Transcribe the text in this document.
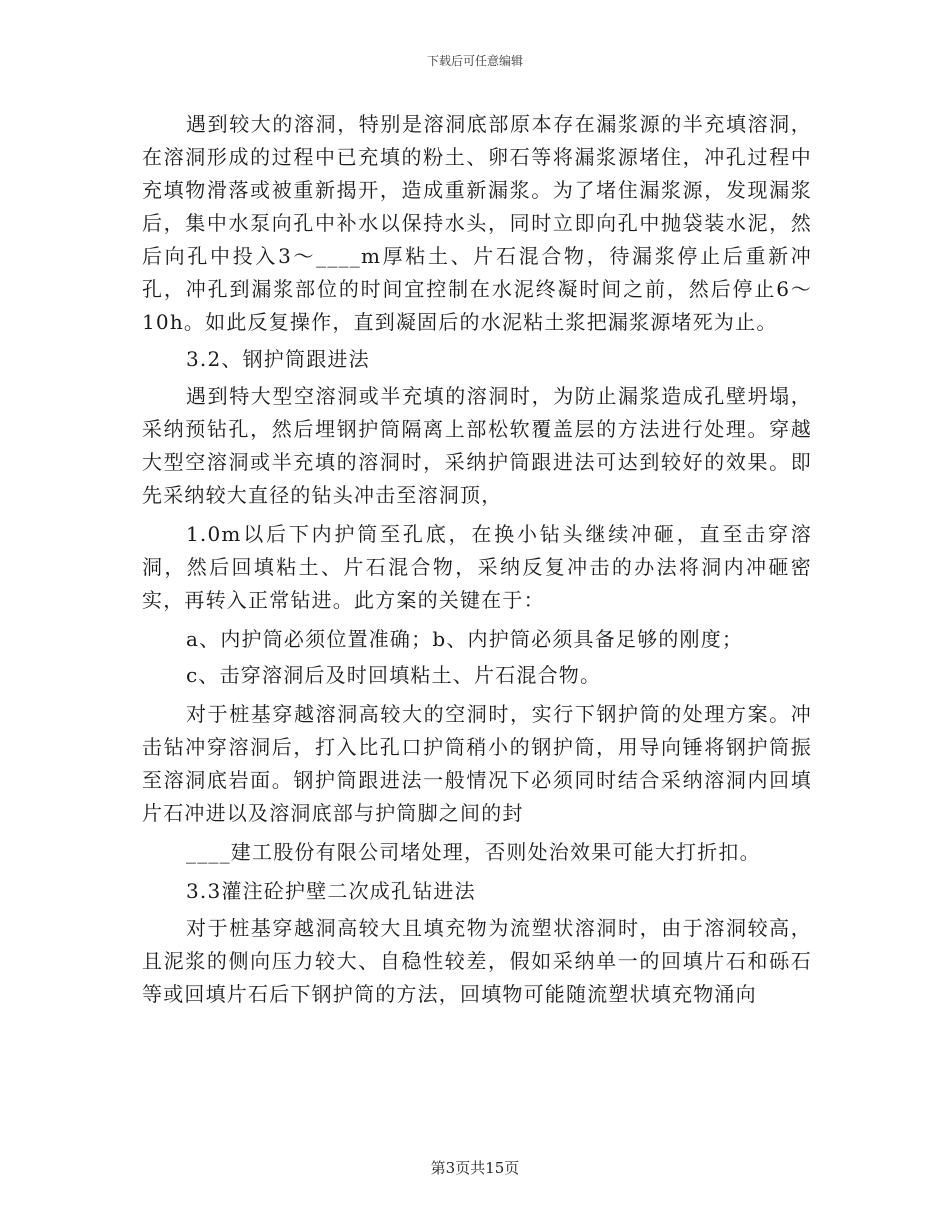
下载后可任意编辑

遇到较大的溶洞，特别是溶洞底部原本存在漏浆源的半充填溶洞，在溶洞形成的过程中已充填的粉土、卵石等将漏浆源堵住，冲孔过程中充填物滑落或被重新揭开，造成重新漏浆。为了堵住漏浆源，发现漏浆后，集中水泵向孔中补水以保持水头，同时立即向孔中抛袋装水泥，然后向孔中投入3～____m厚粘土、片石混合物，待漏浆停止后重新冲孔，冲孔到漏浆部位的时间宜控制在水泥终凝时间之前，然后停止6～10h。如此反复操作，直到凝固后的水泥粘土浆把漏浆源堵死为止。

3.2、钢护筒跟进法

遇到特大型空溶洞或半充填的溶洞时，为防止漏浆造成孔壁坍塌，采纳预钻孔，然后埋钢护筒隔离上部松软覆盖层的方法进行处理。穿越大型空溶洞或半充填的溶洞时，采纳护筒跟进法可达到较好的效果。即先采纳较大直径的钻头冲击至溶洞顶，

1.0m以后下内护筒至孔底，在换小钻头继续冲砸，直至击穿溶洞，然后回填粘土、片石混合物，采纳反复冲击的办法将洞内冲砸密实，再转入正常钻进。此方案的关键在于：

a、内护筒必须位置准确；b、内护筒必须具备足够的刚度；

c、击穿溶洞后及时回填粘土、片石混合物。

对于桩基穿越溶洞高较大的空洞时，实行下钢护筒的处理方案。冲击钻冲穿溶洞后，打入比孔口护筒稍小的钢护筒，用导向锤将钢护筒振至溶洞底岩面。钢护筒跟进法一般情况下必须同时结合采纳溶洞内回填片石冲进以及溶洞底部与护筒脚之间的封

____建工股份有限公司堵处理，否则处治效果可能大打折扣。

3.3灌注砼护壁二次成孔钻进法

对于桩基穿越洞高较大且填充物为流塑状溶洞时，由于溶洞较高，且泥浆的侧向压力较大、自稳性较差，假如采纳单一的回填片石和砾石等或回填片石后下钢护筒的方法，回填物可能随流塑状填充物涌向

第3页共15页
